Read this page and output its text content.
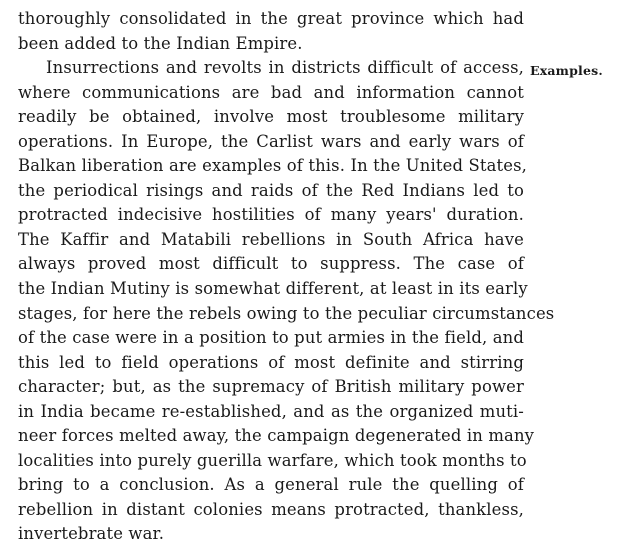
thoroughly consolidated in the great province which had
been added to the Indian Empire.
Insurrections and revolts in districts difficult of access,
where communications are bad and information cannot
readily be obtained, involve most troublesome military
operations. In Europe, the Carlist wars and early wars of
Balkan liberation are examples of this. In the United States,
the periodical risings and raids of the Red Indians led to
protracted indecisive hostilities of many years' duration.
The Kaffir and Matabili rebellions in South Africa have
always proved most difficult to suppress. The case of
the Indian Mutiny is somewhat different, at least in its early
stages, for here the rebels owing to the peculiar circumstances
of the case were in a position to put armies in the field, and
this led to field operations of most definite and stirring
character; but, as the supremacy of British military power
in India became re-established, and as the organized muti-
neer forces melted away, the campaign degenerated in many
localities into purely guerilla warfare, which took months to
bring to a conclusion. As a general rule the quelling of
rebellion in distant colonies means protracted, thankless,
invertebrate war.
Examples.
